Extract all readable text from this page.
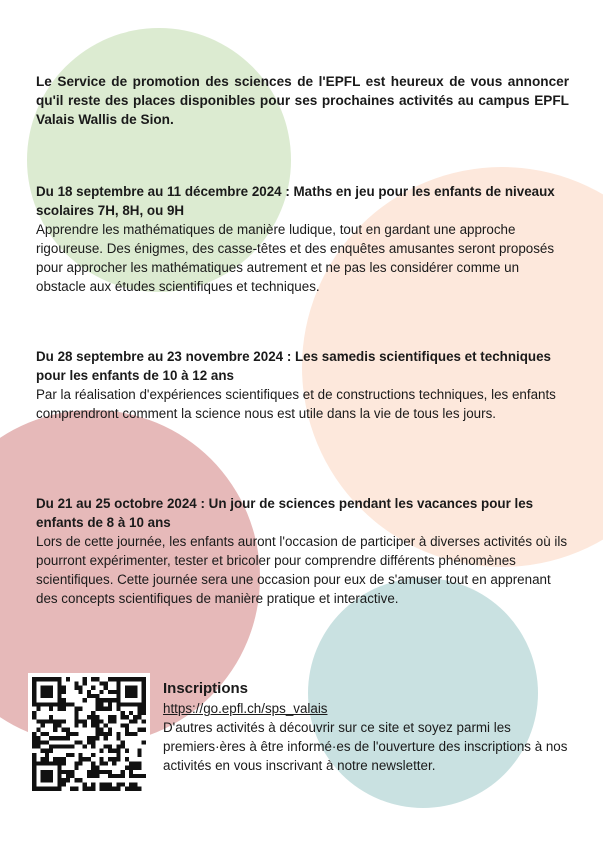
Le Service de promotion des sciences de l'EPFL est heureux de vous annoncer qu'il reste des places disponibles pour ses prochaines activités au campus EPFL Valais Wallis de Sion.
Du 18 septembre au 11 décembre 2024 : Maths en jeu pour les enfants de niveaux scolaires 7H, 8H, ou 9H
Apprendre les mathématiques de manière ludique, tout en gardant une approche rigoureuse. Des énigmes, des casse-têtes et des enquêtes amusantes seront proposés pour approcher les mathématiques autrement et ne pas les considérer comme un obstacle aux études scientifiques et techniques.
Du 28 septembre au 23 novembre 2024 : Les samedis scientifiques et techniques pour les enfants de 10 à 12 ans
Par la réalisation d'expériences scientifiques et de constructions techniques, les enfants comprendront comment la science nous est utile dans la vie de tous les jours.
Du 21 au 25 octobre 2024 : Un jour de sciences pendant les vacances pour les enfants de 8 à 10 ans
Lors de cette journée, les enfants auront l'occasion de participer à diverses activités où ils pourront expérimenter, tester et bricoler pour comprendre différents phénomènes scientifiques. Cette journée sera une occasion pour eux de s'amuser tout en apprenant des concepts scientifiques de manière pratique et interactive.
Inscriptions
https://go.epfl.ch/sps_valais
D'autres activités à découvrir sur ce site et soyez parmi les premiers·ères à être informé·es de l'ouverture des inscriptions à nos activités en vous inscrivant à notre newsletter.
